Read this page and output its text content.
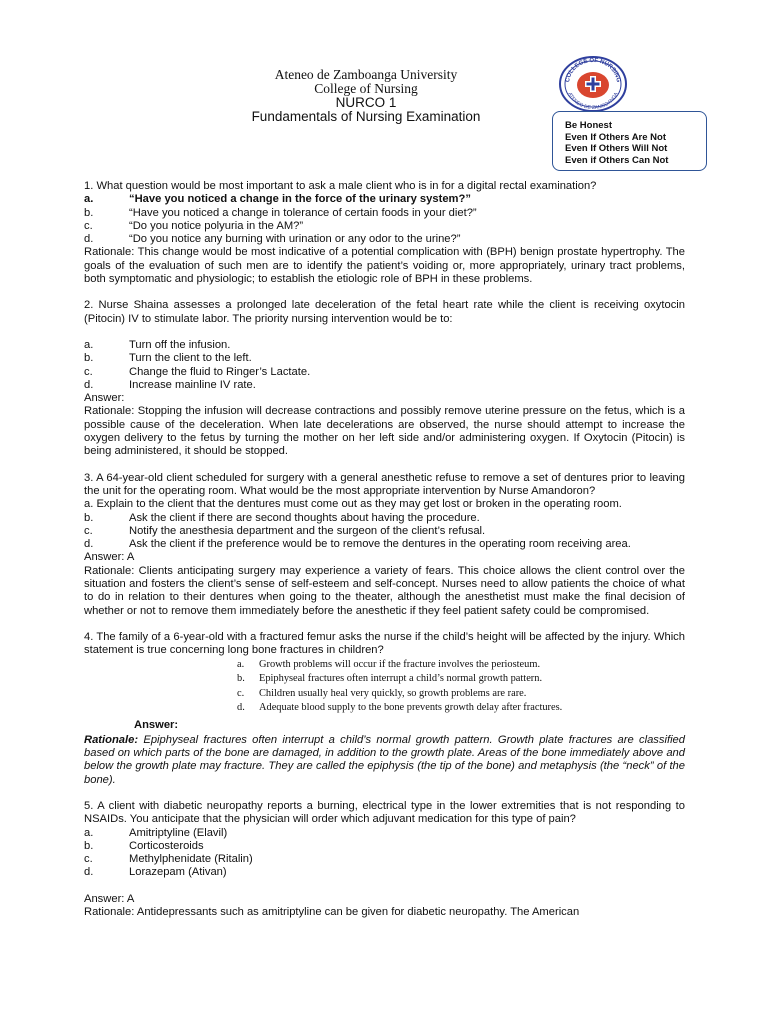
Ateneo de Zamboanga University
College of Nursing
NURCO 1
Fundamentals of Nursing Examination
COLLEGE OF NURSING
ATENEO DE ZAMBOANGA
Be Honest
Even If Others Are Not
Even If Others Will Not
Even if Others Can Not

1. What question would be most important to ask a male client who is in for a digital rectal examination?

a.	“Have you noticed a change in the force of the urinary system?”
b.	“Have you noticed a change in tolerance of certain foods in your diet?”
c.	“Do you notice polyuria in the AM?”
d.	“Do you notice any burning with urination or any odor to the urine?”

Rationale: This change would be most indicative of a potential complication with (BPH) benign prostate hypertrophy. The goals of the evaluation of such men are to identify the patient’s voiding or, more appropriately, urinary tract problems, both symptomatic and physiologic; to establish the etiologic role of BPH in these problems.

2. Nurse Shaina assesses a prolonged late deceleration of the fetal heart rate while the client is receiving oxytocin (Pitocin) IV to stimulate labor. The priority nursing intervention would be to:

a.	Turn off the infusion.
b.	Turn the client to the left.
c.	Change the fluid to Ringer’s Lactate.
d.	Increase mainline IV rate.

Answer:

Rationale: Stopping the infusion will decrease contractions and possibly remove uterine pressure on the fetus, which is a possible cause of the deceleration. When late decelerations are observed, the nurse should attempt to increase the oxygen delivery to the fetus by turning the mother on her left side and/or administering oxygen. If Oxytocin (Pitocin) is being administered, it should be stopped.

3. A 64-year-old client scheduled for surgery with a general anesthetic refuse to remove a set of dentures prior to leaving the unit for the operating room. What would be the most appropriate intervention by Nurse Amandoron?

a. Explain to the client that the dentures must come out as they may get lost or broken in the operating room.

b.	Ask the client if there are second thoughts about having the procedure.
c.	Notify the anesthesia department and the surgeon of the client’s refusal.
d.	Ask the client if the preference would be to remove the dentures in the operating room receiving area.

Answer: A

Rationale: Clients anticipating surgery may experience a variety of fears. This choice allows the client control over the situation and fosters the client’s sense of self-esteem and self-concept. Nurses need to allow patients the choice of what to do in relation to their dentures when going to the theater, although the anesthetist must make the final decision of whether or not to remove them immediately before the anesthetic if they feel patient safety could be compromised.

4. The family of a 6-year-old with a fractured femur asks the nurse if the child’s height will be affected by the injury. Which statement is true concerning long bone fractures in children?

a.	Growth problems will occur if the fracture involves the periosteum.
b.	Epiphyseal fractures often interrupt a child’s normal growth pattern.
c.	Children usually heal very quickly, so growth problems are rare.
d.	Adequate blood supply to the bone prevents growth delay after fractures.
Answer:

Rationale: Epiphyseal fractures often interrupt a child’s normal growth pattern. Growth plate fractures are classified based on which parts of the bone are damaged, in addition to the growth plate. Areas of the bone immediately above and below the growth plate may fracture. They are called the epiphysis (the tip of the bone) and metaphysis (the “neck” of the bone).

5. A client with diabetic neuropathy reports a burning, electrical type in the lower extremities that is not responding to NSAIDs. You anticipate that the physician will order which adjuvant medication for this type of pain?

a.	Amitriptyline (Elavil)
b.	Corticosteroids
c.	Methylphenidate (Ritalin)
d.	Lorazepam (Ativan)

Answer: A

Rationale: Antidepressants such as amitriptyline can be given for diabetic neuropathy. The American
